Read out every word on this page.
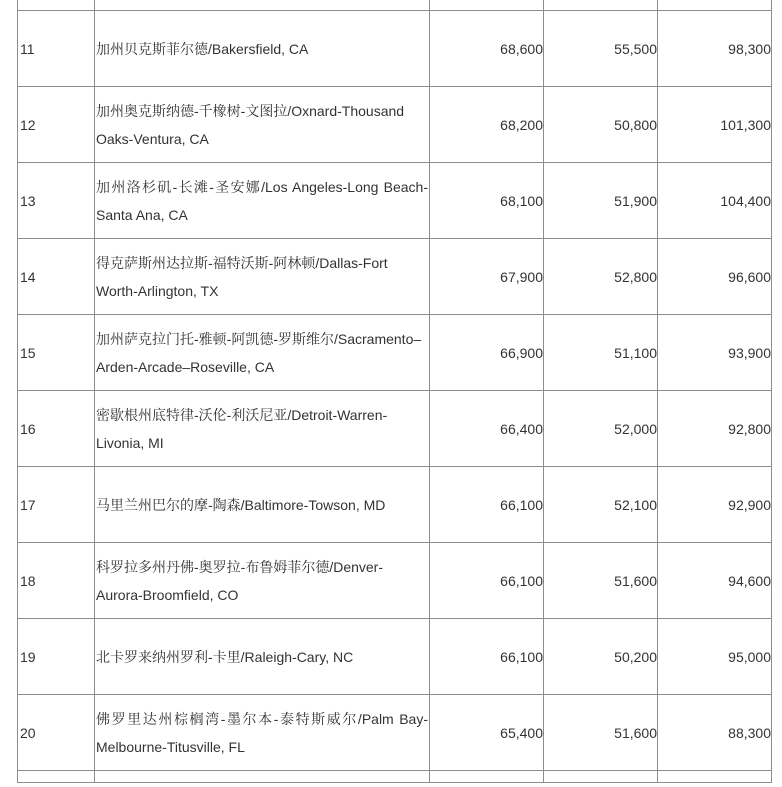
11	加州贝克斯菲尔德/Bakersfield, CA	68,600	55,500	98,300
12	加州奥克斯纳德-千橡树-文图拉/Oxnard-Thousand Oaks-Ventura, CA	68,200	50,800	101,300
13	加州洛杉矶-长滩-圣安娜/Los Angeles-Long Beach-Santa Ana, CA	68,100	51,900	104,400
14	得克萨斯州达拉斯-福特沃斯-阿林顿/Dallas-Fort Worth-Arlington, TX	67,900	52,800	96,600
15	加州萨克拉门托-雅顿-阿凯德-罗斯维尔/Sacramento–Arden-Arcade–Roseville, CA	66,900	51,100	93,900
16	密歇根州底特律-沃伦-利沃尼亚/Detroit-Warren-Livonia, MI	66,400	52,000	92,800
17	马里兰州巴尔的摩-陶森/Baltimore-Towson, MD	66,100	52,100	92,900
18	科罗拉多州丹佛-奥罗拉-布鲁姆菲尔德/Denver-Aurora-Broomfield, CO	66,100	51,600	94,600
19	北卡罗来纳州罗利-卡里/Raleigh-Cary, NC	66,100	50,200	95,000
20	佛罗里达州棕榈湾-墨尔本-泰特斯威尔/Palm Bay-Melbourne-Titusville, FL	65,400	51,600	88,300
